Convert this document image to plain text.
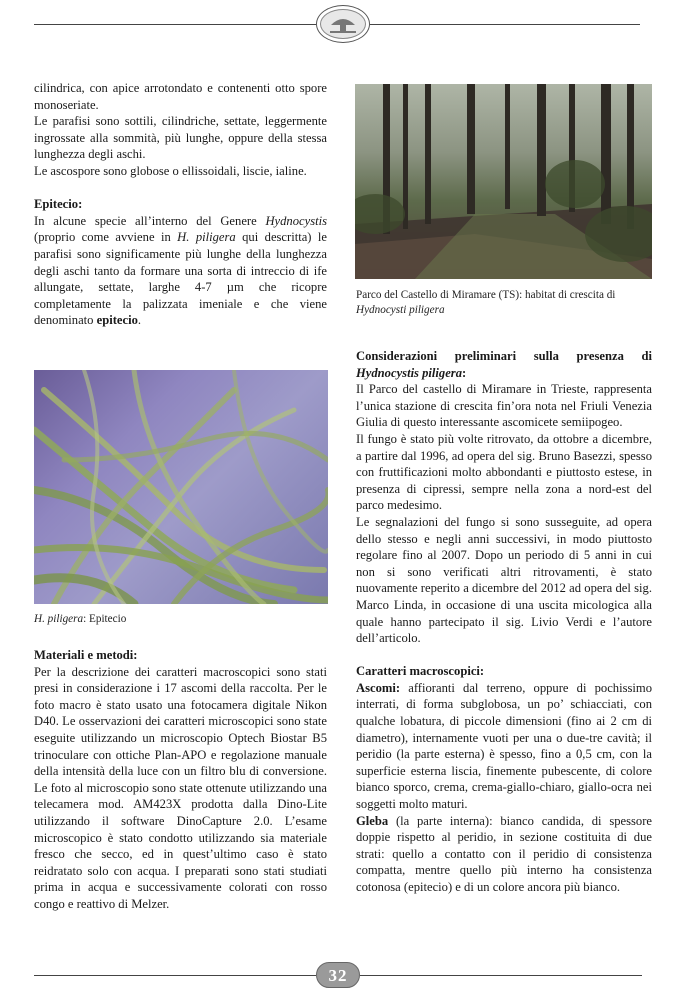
cilindrica, con apice arrotondato e contenenti otto spore monoseriate.

Le parafisi sono sottili, cilindriche, settate, leggermente ingrossate alla sommità, più lunghe, oppure della stessa lunghezza degli aschi.

Le ascospore sono globose o ellissoidali, liscie, ialine.

Epitecio:

In alcune specie all’interno del Genere Hydnocystis (proprio come avviene in H. piligera qui descritta) le parafisi sono significamente più lunghe della lunghezza degli aschi tanto da formare una sorta di intreccio di ife allungate, settate, larghe 4-7 µm che ricopre completamente la palizzata imeniale e che viene denominato epitecio.

H. piligera: Epitecio

Materiali e metodi:

Per la descrizione dei caratteri macroscopici sono stati presi in considerazione i 17 ascomi della raccolta. Per le foto macro è stato usato una fotocamera digitale Nikon D40. Le osservazioni dei caratteri microscopici sono state eseguite utilizzando un microscopio Optech Biostar B5 trinoculare con ottiche Plan-APO e regolazione manuale della intensità della luce con un filtro blu di conversione. Le foto al microscopio sono state ottenute utilizzando una telecamera mod. AM423X prodotta dalla Dino-Lite utilizzando il software DinoCapture 2.0. L’esame microscopico è stato condotto utilizzando sia materiale fresco che secco, ed in quest’ultimo caso è stato reidratato solo con acqua. I preparati sono stati studiati prima in acqua e successivamente colorati con rosso congo e reattivo di Melzer.

Parco del Castello di Miramare (TS): habitat di crescita di Hydnocysti piligera

Considerazioni preliminari sulla presenza di Hydnocystis piligera:

Il Parco del castello di Miramare in Trieste, rappresenta l’unica stazione di crescita fin’ora nota nel Friuli Venezia Giulia di questo interessante ascomicete semiipogeo.

Il fungo è stato più volte ritrovato, da ottobre a dicembre, a partire dal 1996, ad opera del sig. Bruno Basezzi, spesso con fruttificazioni molto abbondanti e piuttosto estese, in presenza di cipressi, sempre nella zona a nord-est del parco medesimo.

Le segnalazioni del fungo si sono susseguite, ad opera dello stesso e negli anni successivi, in modo piuttosto regolare fino al 2007. Dopo un periodo di 5 anni in cui non si sono verificati altri ritrovamenti, è stato nuovamente reperito a dicembre del 2012 ad opera del sig. Marco Linda, in occasione di una uscita micologica alla quale hanno partecipato il sig. Livio Verdi e l’autore dell’articolo.

Caratteri macroscopici:

Ascomi: affioranti dal terreno, oppure di pochissimo interrati, di forma subglobosa, un po’ schiacciati, con qualche lobatura, di piccole dimensioni (fino ai 2 cm di diametro), internamente vuoti per una o due-tre cavità; il peridio (la parte esterna) è spesso, fino a 0,5 cm, con la superficie esterna liscia, finemente pubescente, di colore bianco sporco, crema, crema-giallo-chiaro, giallo-ocra nei soggetti molto maturi.

Gleba (la parte interna): bianco candida, di spessore doppie rispetto al peridio, in sezione costituita di due strati: quello a contatto con il peridio di consistenza compatta, mentre quello più interno ha consistenza cotonosa (epitecio) e di un colore ancora più bianco.

32
